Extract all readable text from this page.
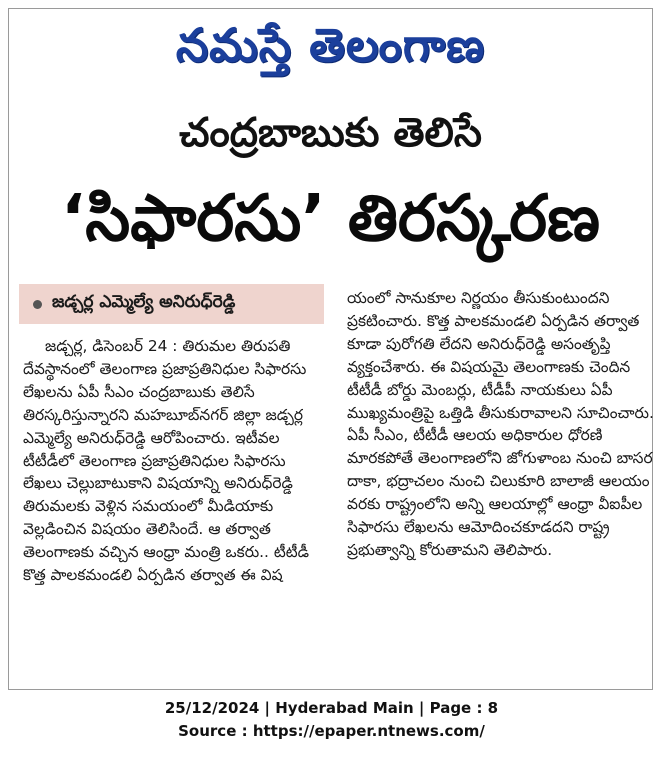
నమస్తే తెలంగాణ
చంద్రబాబుకు తెలిసే
‘సిఫారసు’ తిరస్కరణ
జడ్చర్ల ఎమ్మెల్యే అనిరుధ్‌రెడ్డి

జడ్చర్ల, డిసెంబర్ 24 : తిరుమల తిరుపతి దేవస్థానంలో తెలంగాణ ప్రజాప్రతినిధుల సిఫారసు లేఖలను ఏపీ సీఎం చంద్రబాబుకు తెలిసే తిరస్కరిస్తున్నారని మహబూబ్‌నగర్ జిల్లా జడ్చర్ల ఎమ్మెల్యే అనిరుధ్‌రెడ్డి ఆరోపించారు. ఇటీవల టీటీడీలో తెలంగాణ ప్రజాప్రతినిధుల సిఫారసు లేఖలు చెల్లుబాటుకాని విషయాన్ని అనిరుధ్‌రెడ్డి తిరుమలకు వెళ్లిన సమయంలో మీడియాకు వెల్లడించిన విషయం తెలిసిందే. ఆ తర్వాత తెలంగాణకు వచ్చిన ఆంధ్రా మంత్రి ఒకరు.. టీటీడీ కొత్త పాలకమండలి ఏర్పడిన తర్వాత ఈ విష

యంలో సానుకూల నిర్ణయం తీసుకుంటుందని ప్రకటించారు. కొత్త పాలకమండలి ఏర్పడిన తర్వాత కూడా పురోగతి లేదని అనిరుధ్‌రెడ్డి అసంతృప్తి వ్యక్తంచేశారు. ఈ విషయమై తెలంగాణకు చెందిన టీటీడీ బోర్డు మెంబర్లు, టీడీపీ నాయకులు ఏపీ ముఖ్యమంత్రిపై ఒత్తిడి తీసుకురావాలని సూచించారు. ఏపీ సీఎం, టీటీడీ ఆలయ అధికారుల ధోరణి మారకపోతే తెలంగాణలోని జోగుళాంబ నుంచి బాసర దాకా, భద్రాచలం నుంచి చిలుకూరి బాలాజీ ఆలయం వరకు రాష్ట్రంలోని అన్ని ఆలయాల్లో ఆంధ్రా వీఐపీల సిఫారసు లేఖలను ఆమోదించకూడదని రాష్ట్ర ప్రభుత్వాన్ని కోరుతామని తెలిపారు.

25/12/2024 | Hyderabad Main | Page : 8
Source : https://epaper.ntnews.com/
